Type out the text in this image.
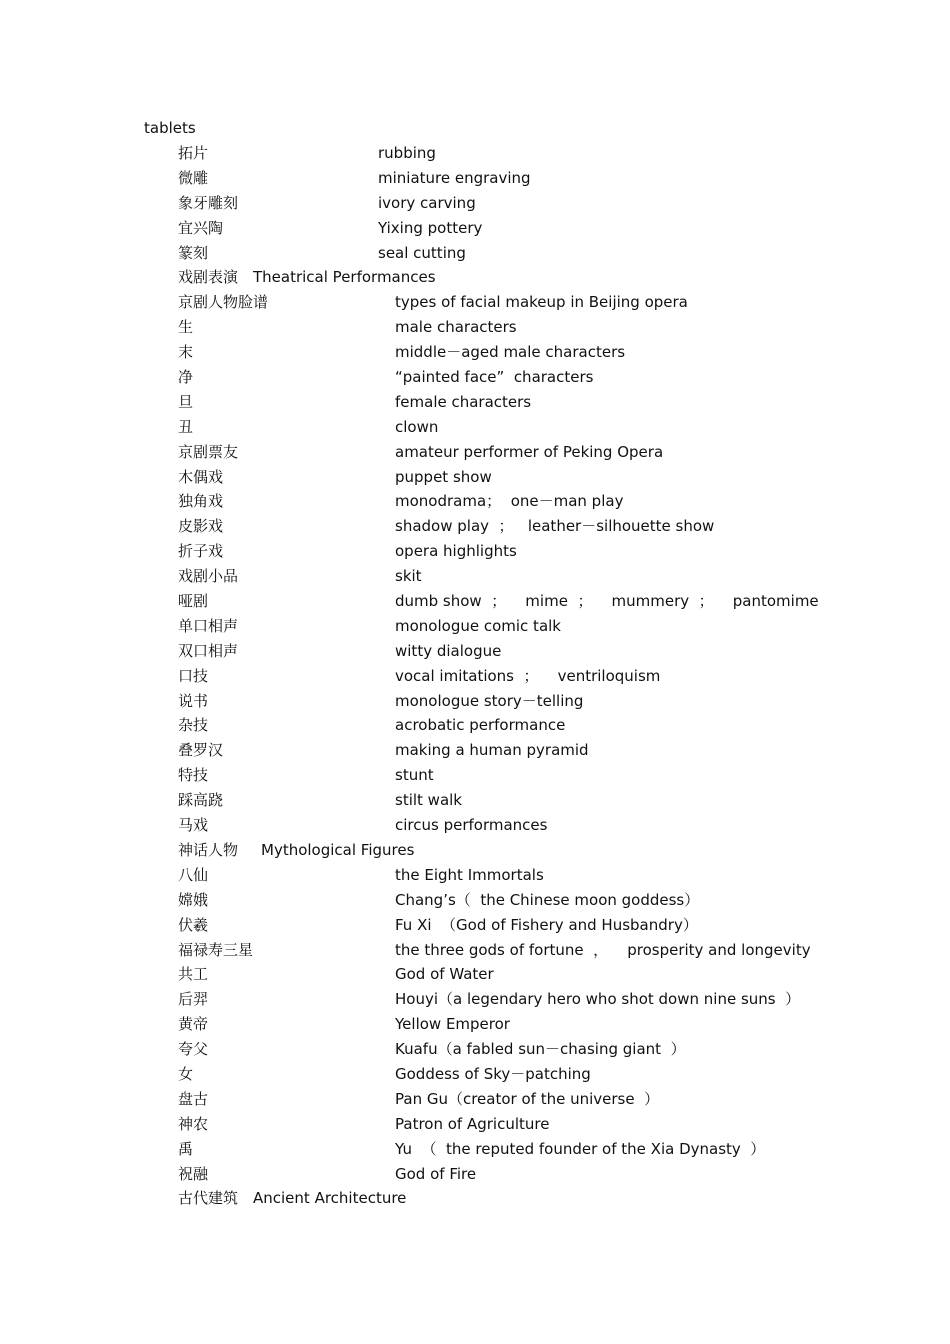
tablets
拓片	rubbing
微雕	miniature engraving
象牙雕刻	ivory carving
宜兴陶	Yixing pottery
篆刻	seal cutting
戏剧表演 Theatrical Performances
京剧人物脸谱	types of facial makeup in Beijing opera
生	male characters
末	middle－aged male characters
净	“painted face”  characters
旦	female characters
丑	clown
京剧票友	amateur performer of Peking Opera
木偶戏	puppet show
独角戏	monodrama；  one－man play
皮影戏	shadow play  ；   leather－silhouette show
折子戏	opera highlights
戏剧小品	skit
哑剧	dumb show  ；    mime  ；    mummery  ；    pantomime
单口相声	monologue comic talk
双口相声	witty dialogue
口技	vocal imitations  ；    ventriloquism
说书	monologue story－telling
杂技	acrobatic performance
叠罗汉	making a human pyramid
特技	stunt
踩高跷	stilt walk
马戏	circus performances
神话人物 Mythological Figures
八仙	the Eight Immortals
嫦娥	Chang’s（  the Chinese moon goddess）
伏羲	Fu Xi  （God of Fishery and Husbandry）
福禄寿三星	the three gods of fortune  ，    prosperity and longevity
共工	God of Water
后羿	Houyi（a legendary hero who shot down nine suns  ）
黄帝	Yellow Emperor
夸父	Kuafu（a fabled sun－chasing giant  ）
女	Goddess of Sky－patching
盘古	Pan Gu（creator of the universe  ）
神农	Patron of Agriculture
禹	Yu  （  the reputed founder of the Xia Dynasty  ）
祝融	God of Fire
古代建筑 Ancient Architecture
